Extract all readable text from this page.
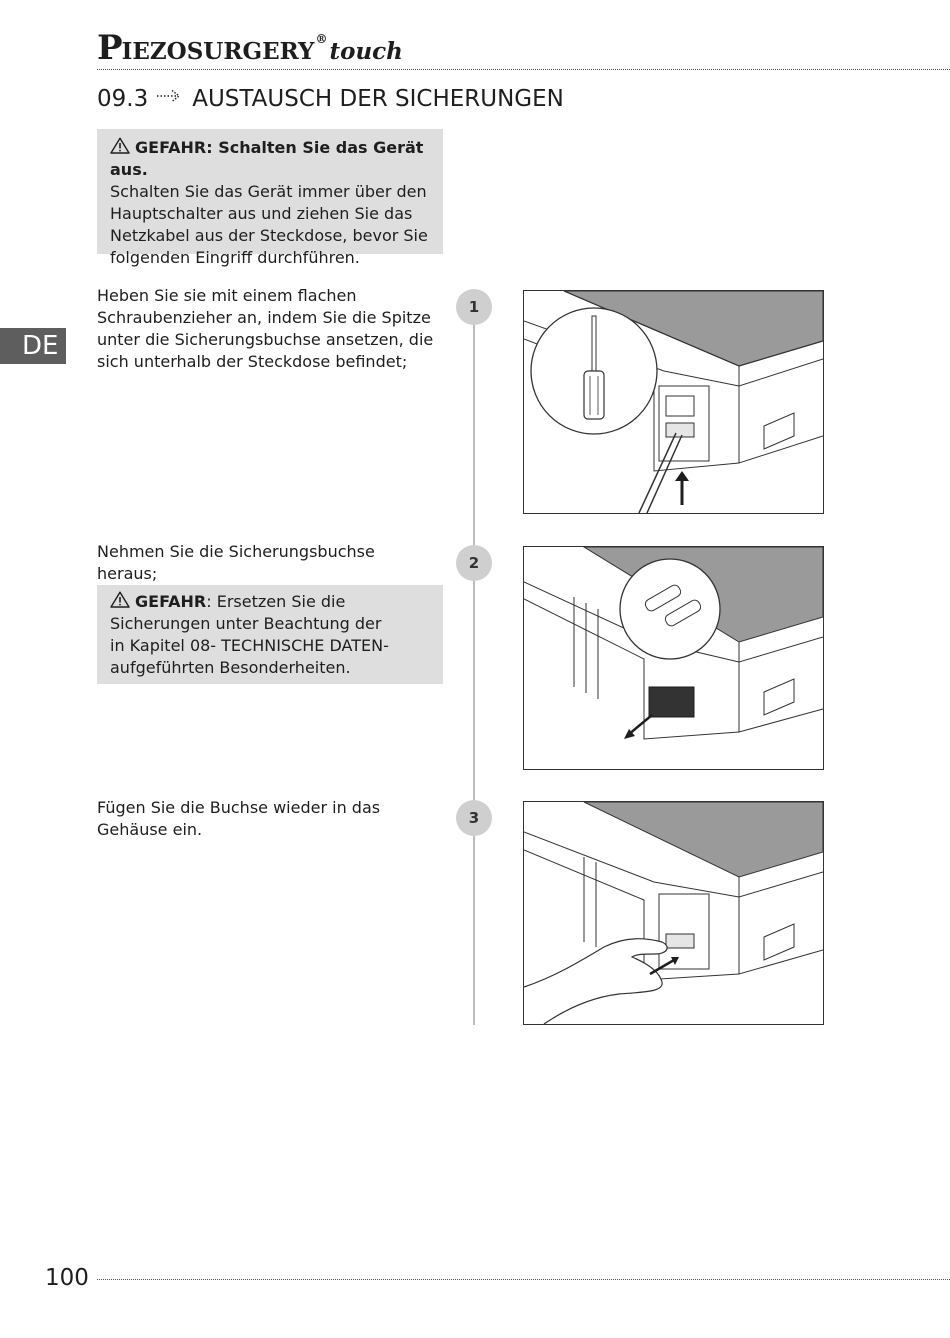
PIEZOSURGERY®touch
09.3 AUSTAUSCH DER SICHERUNGEN
DE
GEFAHR: Schalten Sie das Gerät aus.
Schalten Sie das Gerät immer über den
Hauptschalter aus und ziehen Sie das
Netzkabel aus der Steckdose, bevor Sie
folgenden Eingriff durchführen.
Heben Sie sie mit einem flachen
Schraubenzieher an, indem Sie die Spitze
unter die Sicherungsbuchse ansetzen, die
sich unterhalb der Steckdose befindet;
Nehmen Sie die Sicherungsbuchse
heraus;
GEFAHR: Ersetzen Sie die
Sicherungen unter Beachtung der
in Kapitel 08- TECHNISCHE DATEN-
aufgeführten Besonderheiten.
Fügen Sie die Buchse wieder in das
Gehäuse ein.
1
2
3
100
